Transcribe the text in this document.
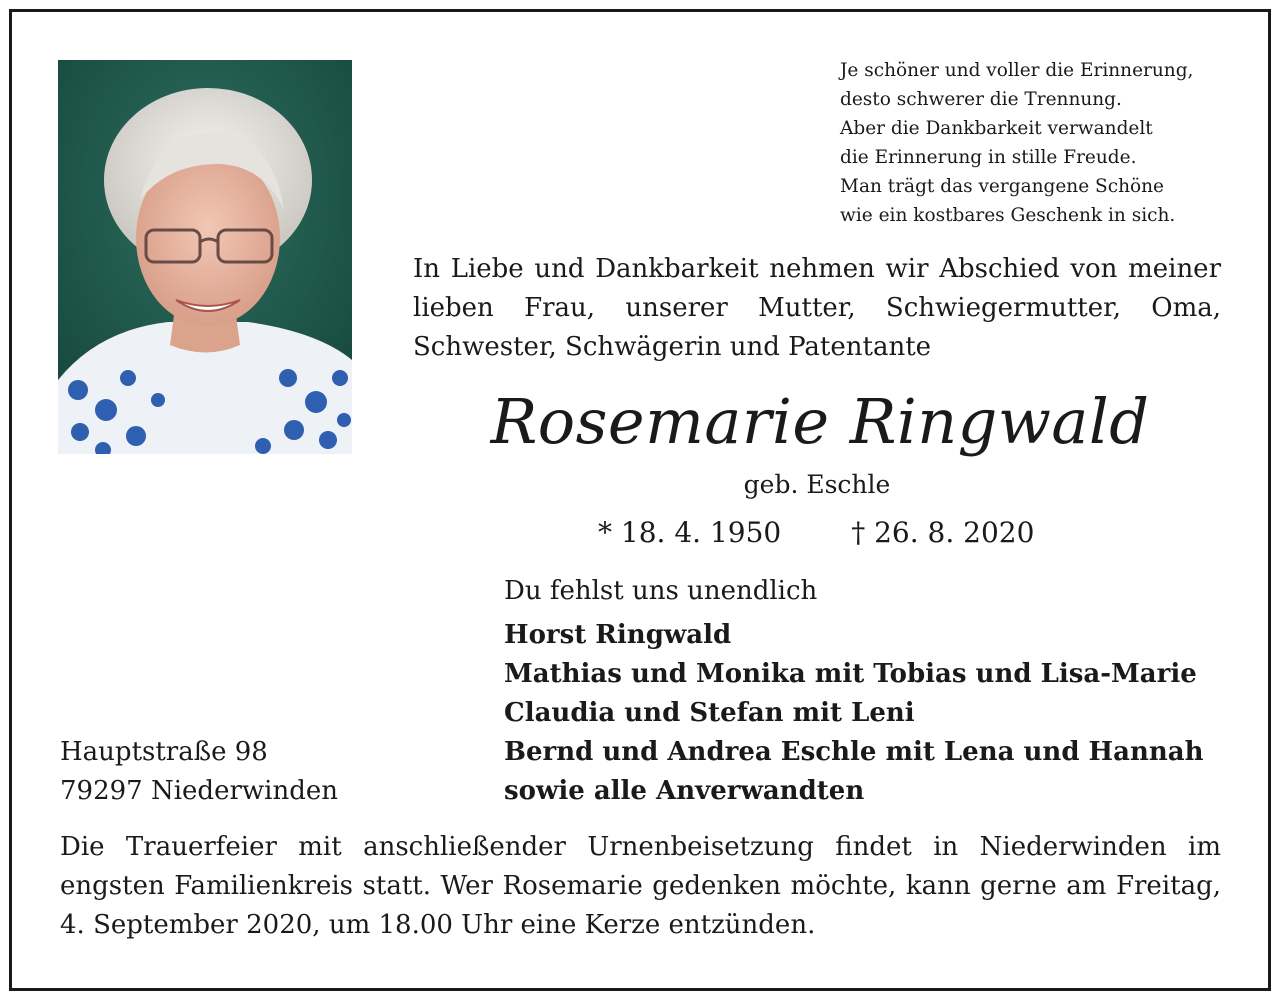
Je schöner und voller die Erinnerung,
desto schwerer die Trennung.
Aber die Dankbarkeit verwandelt
die Erinnerung in stille Freude.
Man trägt das vergangene Schöne
wie ein kostbares Geschenk in sich.
In Liebe und Dankbarkeit nehmen wir Abschied von meiner lieben Frau, unserer Mutter, Schwiegermutter, Oma, Schwester, Schwägerin und Patentante
Rosemarie Ringwald
geb. Eschle
* 18. 4. 1950	† 26. 8. 2020
Du fehlst uns unendlich
Horst Ringwald
Mathias und Monika mit Tobias und Lisa-Marie
Claudia und Stefan mit Leni
Bernd und Andrea Eschle mit Lena und Hannah
sowie alle Anverwandten
Hauptstraße 98
79297 Niederwinden
Die Trauerfeier mit anschließender Urnenbeisetzung findet in Niederwinden im engsten Familienkreis statt. Wer Rosemarie gedenken möchte, kann gerne am Freitag, 4. September 2020, um 18.00 Uhr eine Kerze entzünden.
